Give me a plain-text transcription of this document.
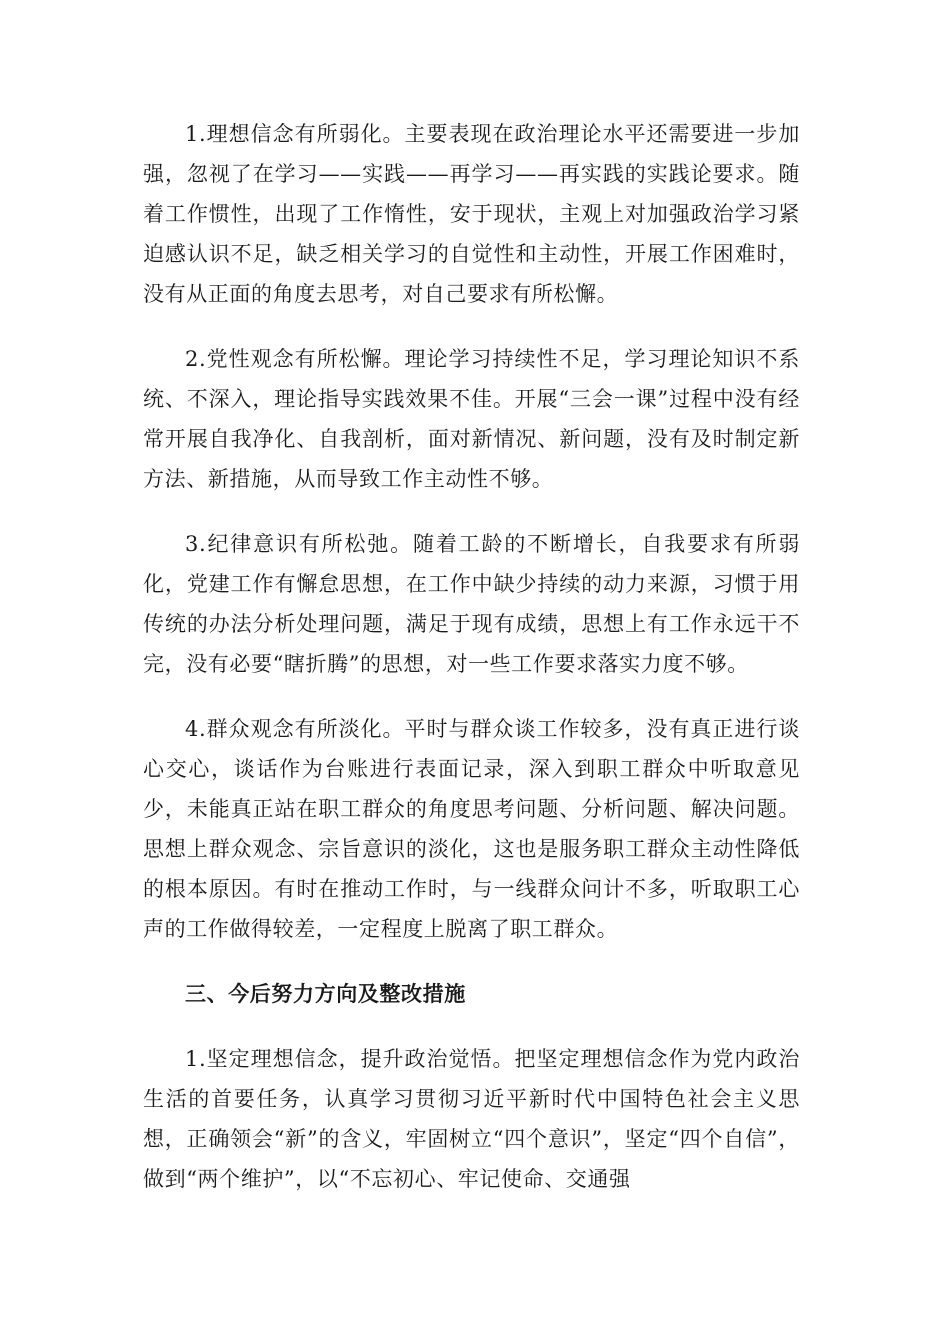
1.理想信念有所弱化。主要表现在政治理论水平还需要进一步加强，忽视了在学习——实践——再学习——再实践的实践论要求。随着工作惯性，出现了工作惰性，安于现状，主观上对加强政治学习紧迫感认识不足，缺乏相关学习的自觉性和主动性，开展工作困难时，没有从正面的角度去思考，对自己要求有所松懈。

2.党性观念有所松懈。理论学习持续性不足，学习理论知识不系统、不深入，理论指导实践效果不佳。开展“三会一课”过程中没有经常开展自我净化、自我剖析，面对新情况、新问题，没有及时制定新方法、新措施，从而导致工作主动性不够。

3.纪律意识有所松弛。随着工龄的不断增长，自我要求有所弱化，党建工作有懈怠思想，在工作中缺少持续的动力来源，习惯于用传统的办法分析处理问题，满足于现有成绩，思想上有工作永远干不完，没有必要“瞎折腾”的思想，对一些工作要求落实力度不够。

4.群众观念有所淡化。平时与群众谈工作较多，没有真正进行谈心交心，谈话作为台账进行表面记录，深入到职工群众中听取意见少，未能真正站在职工群众的角度思考问题、分析问题、解决问题。思想上群众观念、宗旨意识的淡化，这也是服务职工群众主动性降低的根本原因。有时在推动工作时，与一线群众问计不多，听取职工心声的工作做得较差，一定程度上脱离了职工群众。

三、今后努力方向及整改措施

1.坚定理想信念，提升政治觉悟。把坚定理想信念作为党内政治生活的首要任务，认真学习贯彻习近平新时代中国特色社会主义思想，正确领会“新”的含义，牢固树立“四个意识”，坚定“四个自信”，做到“两个维护”，以“不忘初心、牢记使命、交通强
